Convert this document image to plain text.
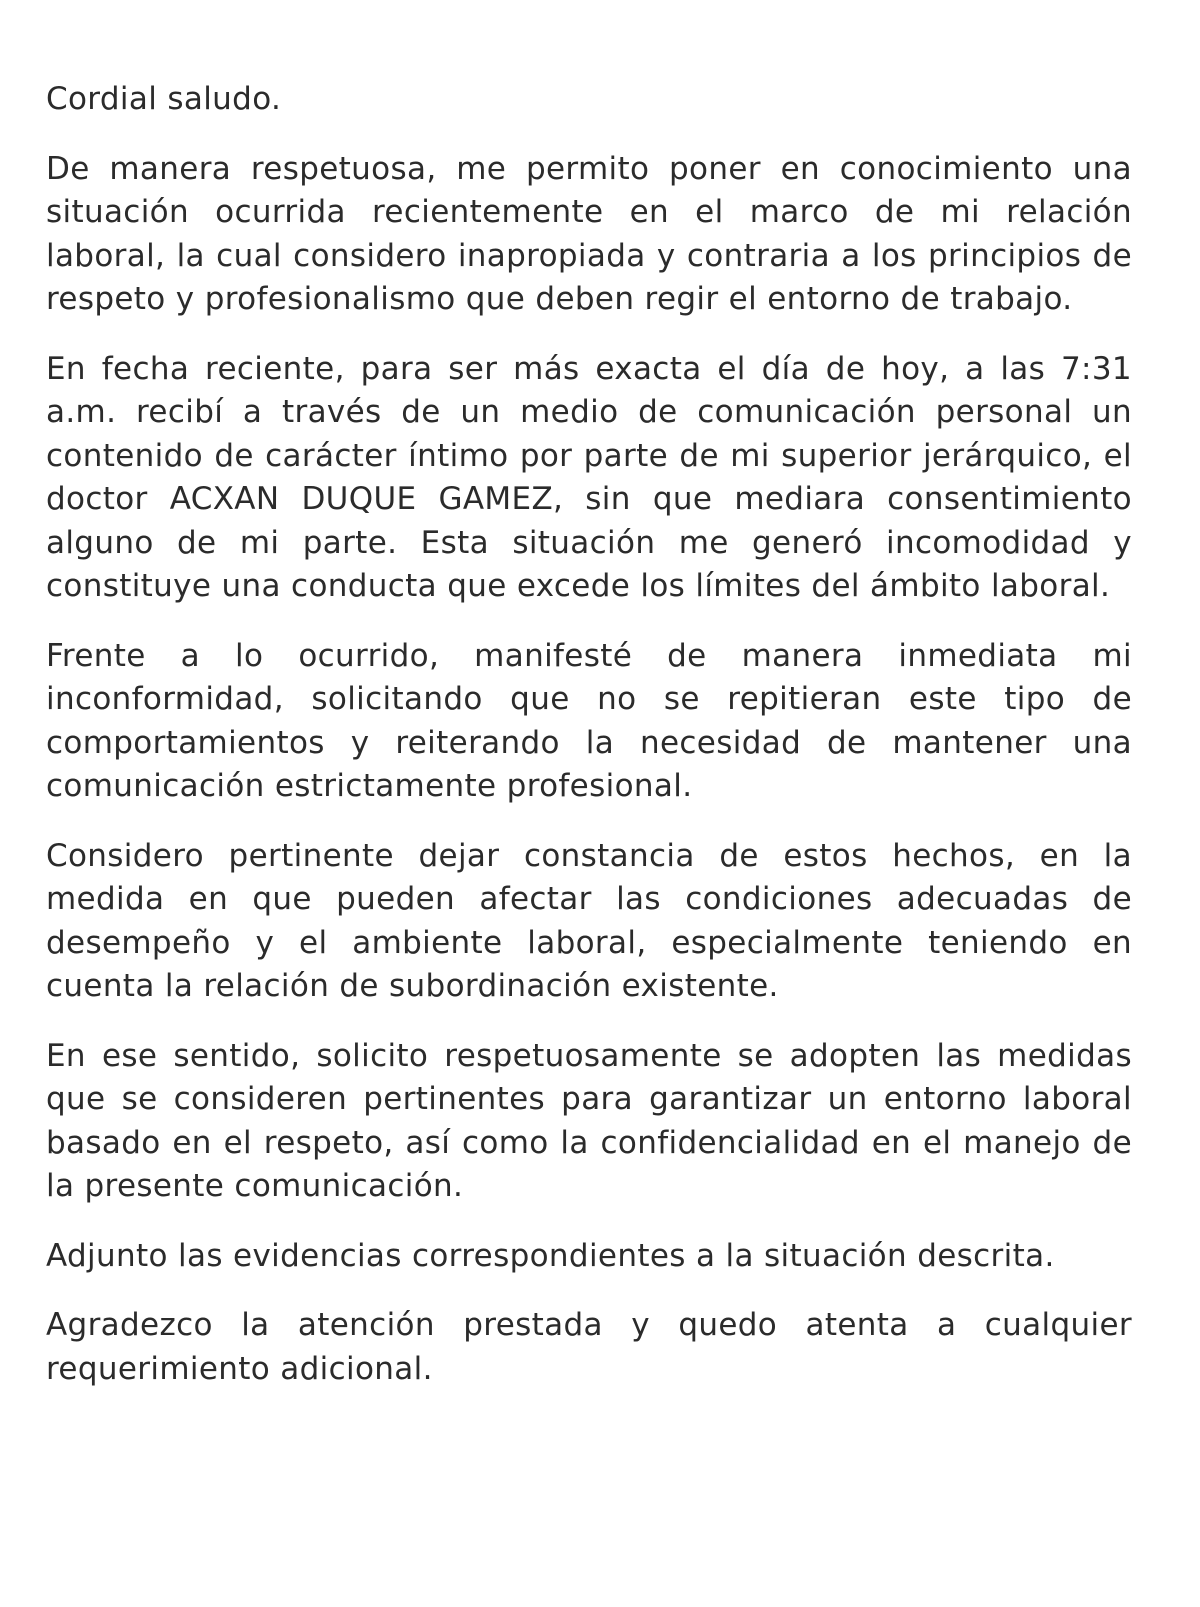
Cordial saludo.

De manera respetuosa, me permito poner en conocimiento una situación ocurrida recientemente en el marco de mi relación laboral, la cual considero inapropiada y contraria a los principios de respeto y profesionalismo que deben regir el entorno de trabajo.

En fecha reciente, para ser más exacta el día de hoy, a las 7:31 a.m. recibí a través de un medio de comunicación personal un contenido de carácter íntimo por parte de mi superior jerárquico, el doctor ACXAN DUQUE GAMEZ, sin que mediara consentimiento alguno de mi parte. Esta situación me generó incomodidad y constituye una conducta que excede los límites del ámbito laboral.

Frente a lo ocurrido, manifesté de manera inmediata mi inconformidad, solicitando que no se repitieran este tipo de comportamientos y reiterando la necesidad de mantener una comunicación estrictamente profesional.

Considero pertinente dejar constancia de estos hechos, en la medida en que pueden afectar las condiciones adecuadas de desempeño y el ambiente laboral, especialmente teniendo en cuenta la relación de subordinación existente.

En ese sentido, solicito respetuosamente se adopten las medidas que se consideren pertinentes para garantizar un entorno laboral basado en el respeto, así como la confidencialidad en el manejo de la presente comunicación.

Adjunto las evidencias correspondientes a la situación descrita.

Agradezco la atención prestada y quedo atenta a cualquier requerimiento adicional.
